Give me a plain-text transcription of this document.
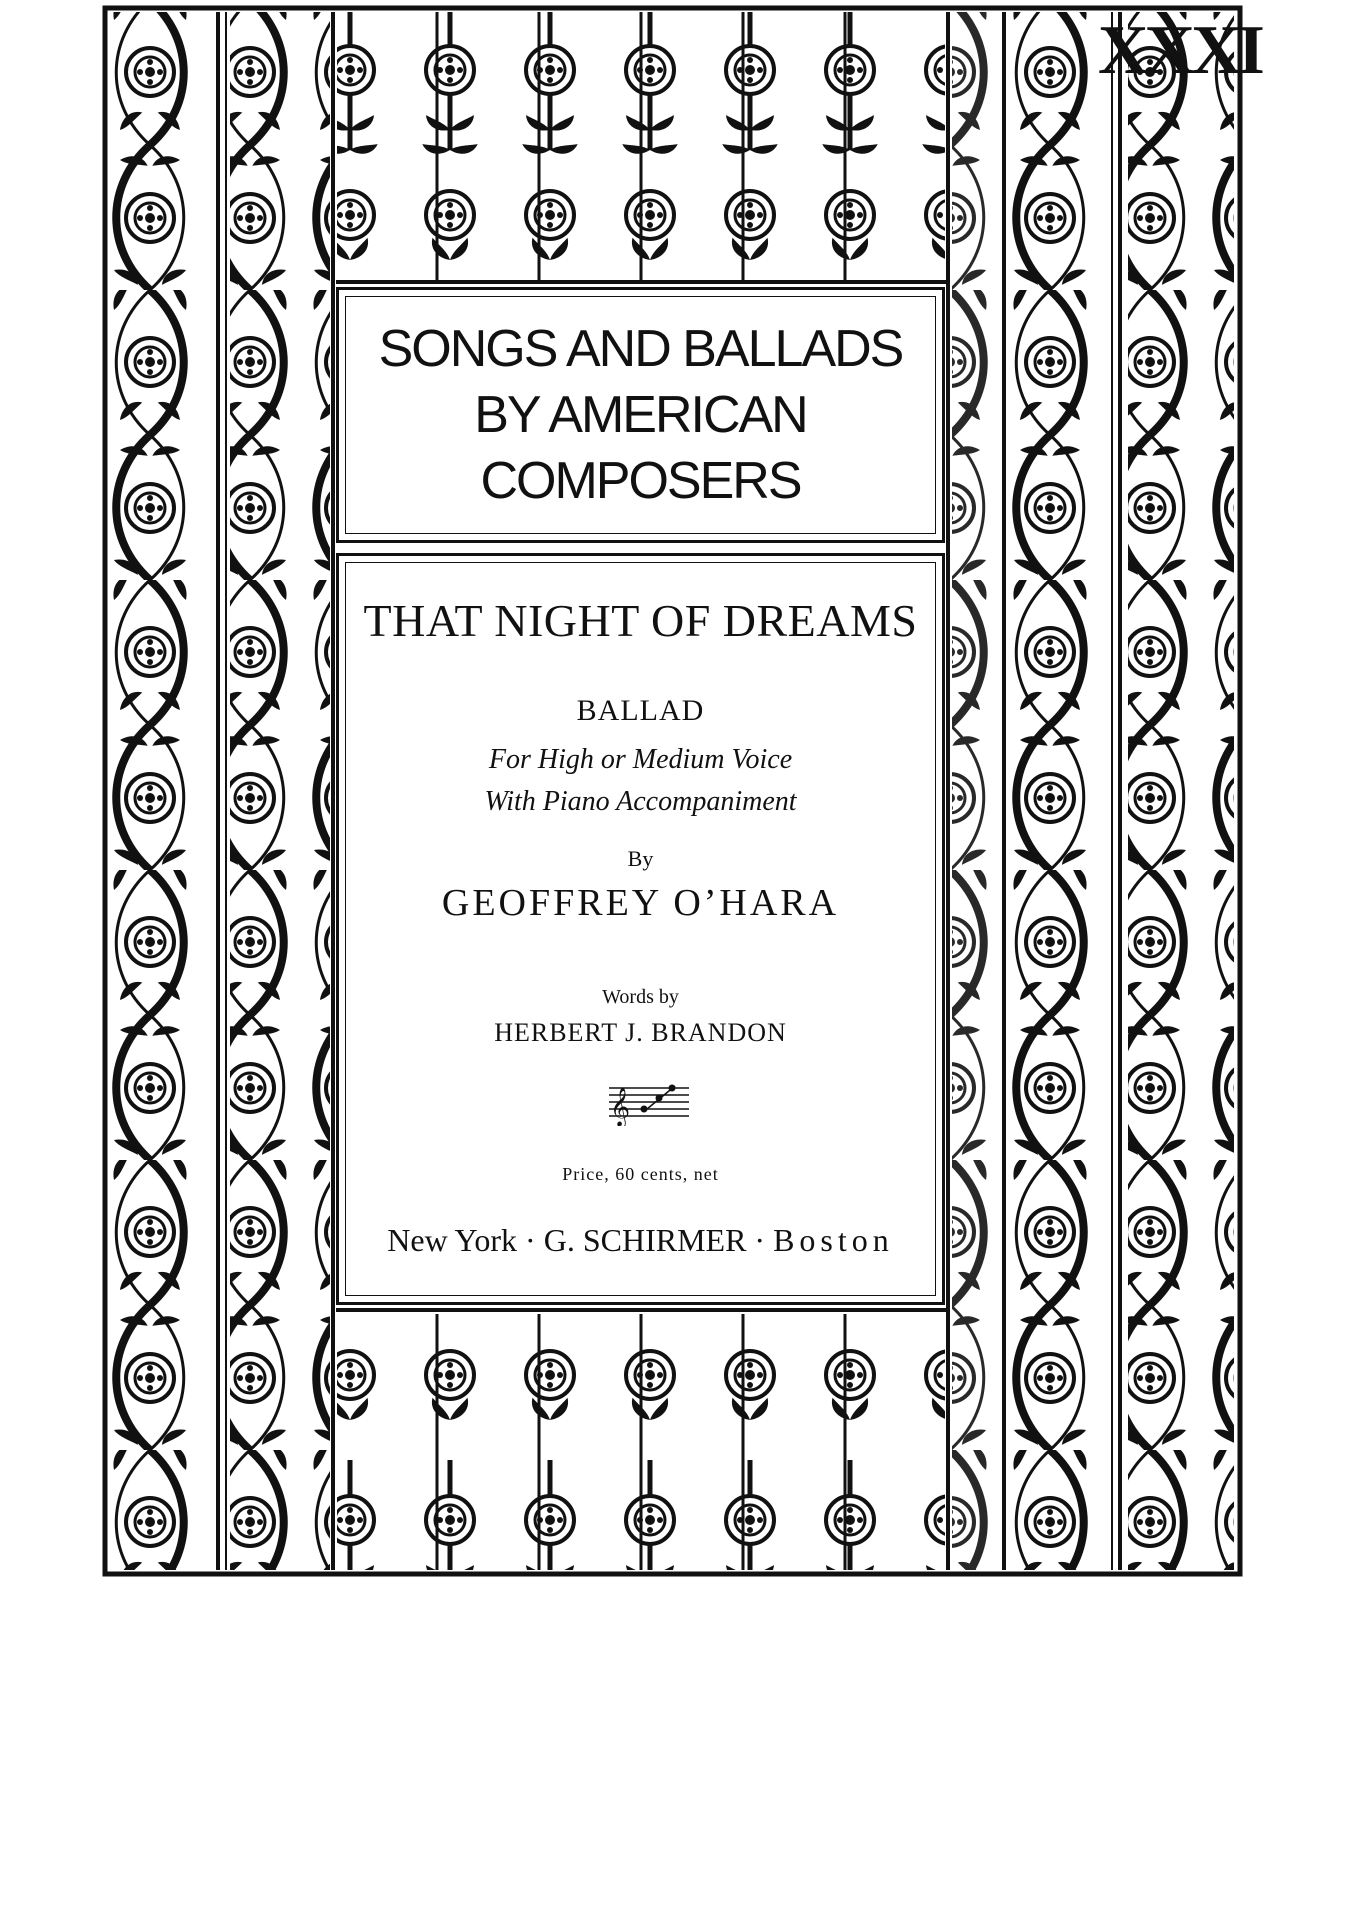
XXXI
SONGS AND BALLADS
BY AMERICAN
COMPOSERS
THAT NIGHT OF DREAMS
BALLAD
For High or Medium Voice
With Piano Accompaniment
By
GEOFFREY O’HARA
Words by
HERBERT J. BRANDON
𝄞
Price, 60 cents, net
New York · G. SCHIRMER · Boston
